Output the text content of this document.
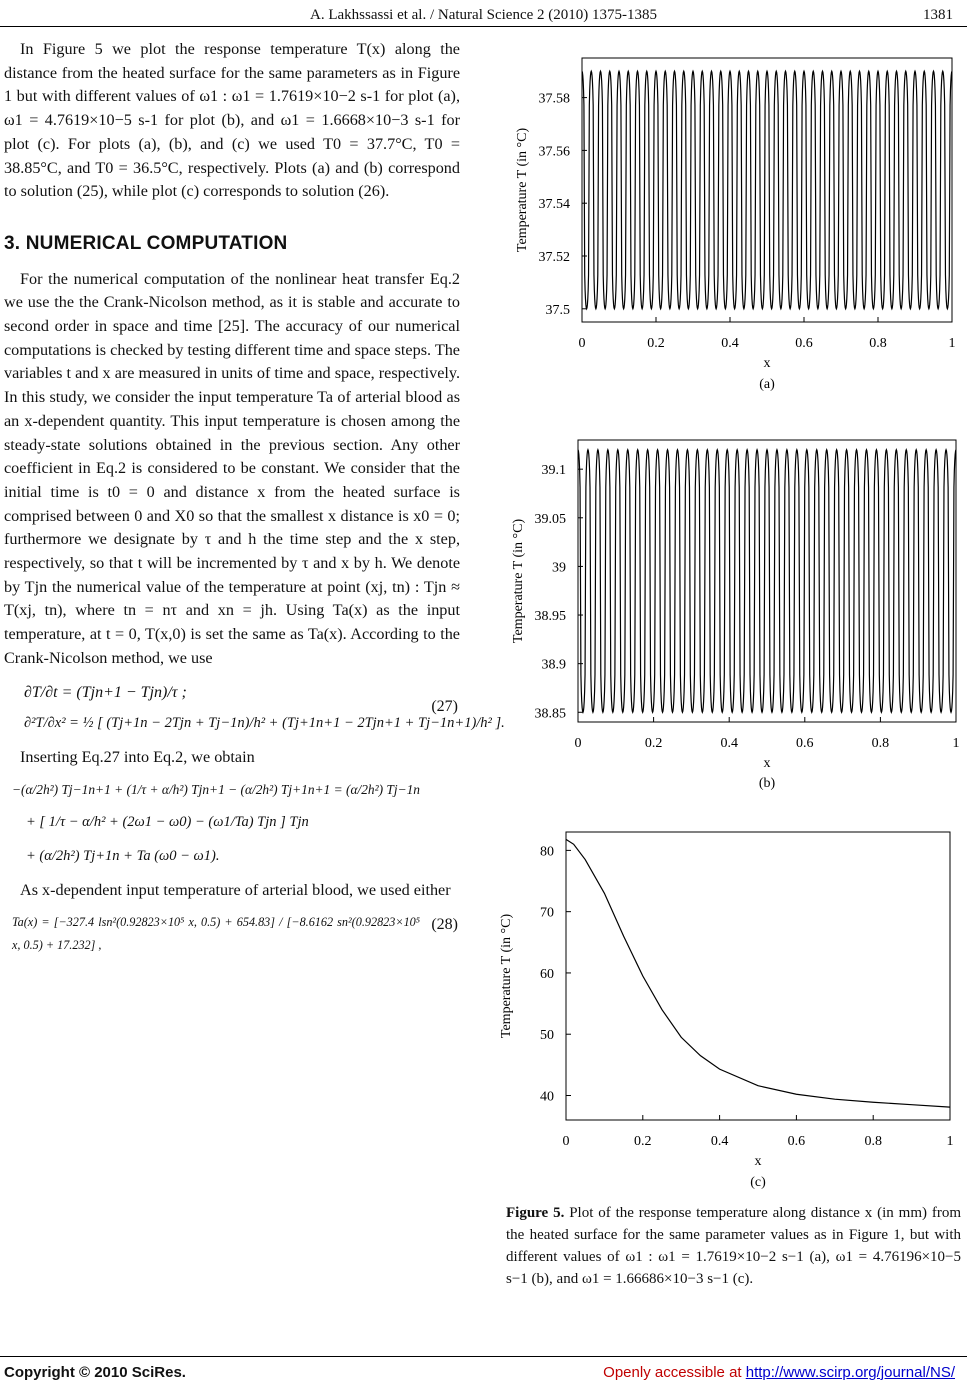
A. Lakhssassi et al. / Natural Science 2 (2010) 1375-1385	1381

In Figure 5 we plot the response temperature T(x) along the distance from the heated surface for the same parameters as in Figure 1 but with different values of ω1 : ω1 = 1.7619×10−2 s-1 for plot (a), ω1 = 4.7619×10−5 s-1 for plot (b), and ω1 = 1.6668×10−3 s-1 for plot (c). For plots (a), (b), and (c) we used T0 = 37.7°C, T0 = 38.85°C, and T0 = 36.5°C, respectively. Plots (a) and (b) correspond to solution (25), while plot (c) corresponds to solution (26).

3. NUMERICAL COMPUTATION

For the numerical computation of the nonlinear heat transfer Eq.2 we use the the Crank-Nicolson method, as it is stable and accurate to second order in space and time [25]. The accuracy of our numerical computations is checked by testing different time and space steps. The variables t and x are measured in units of time and space, respectively. In this study, we consider the input temperature Ta of arterial blood as an x-dependent quantity. This input temperature is chosen among the steady-state solutions obtained in the previous section. Any other coefficient in Eq.2 is considered to be constant. We consider that the initial time is t0 = 0 and distance x from the heated surface is comprised between 0 and X0 so that the smallest x distance is x0 = 0; furthermore we designate by τ and h the time step and the x step, respectively, so that t will be incremented by τ and x by h. We denote by Tjn the numerical value of the temperature at point (xj, tn) : Tjn ≈ T(xj, tn), where tn = nτ and xn = jh. Using Ta(x) as the input temperature, at t = 0, T(x,0) is set the same as Ta(x). According to the Crank-Nicolson method, we use

∂T/∂t = (Tjn+1 − Tjn)/τ ;
∂²T/∂x² = ½ [ (Tj+1n − 2Tjn + Tj−1n)/h² + (Tj+1n+1 − 2Tjn+1 + Tj−1n+1)/h² ].
(27)

Inserting Eq.27 into Eq.2, we obtain

−(α/2h²) Tj−1n+1 + (1/τ + α/h²) Tjn+1 − (α/2h²) Tj+1n+1 = (α/2h²) Tj−1n
+ [ 1/τ − α/h² + (2ω1 − ω0) − (ω1/Ta) Tjn ] Tjn
+ (α/2h²) Tj+1n + Ta (ω0 − ω1).

As x-dependent input temperature of arterial blood, we used either

Ta(x) = [−327.4 lsn²(0.92823×10⁵ x, 0.5) + 654.83] / [−8.6162 sn²(0.92823×10⁵ x, 0.5) + 17.232] ,
(28)
0	0.2	0.4	0.6	0.8	1
37.5
37.52
37.54
37.56
37.58
x
Temperature T (in °C)
(a)
0	0.2	0.4	0.6	0.8	1
38.85
38.9
38.95
39
39.05
39.1
x
Temperature T (in °C)
(b)
0	0.2	0.4	0.6	0.8	1
40
50
60
70
80
x
Temperature T (in °C)
(c)
Figure 5. Plot of the response temperature along distance x (in mm) from the heated surface for the same parameter values as in Figure 1, but with different values of ω1 : ω1 = 1.7619×10−2 s−1 (a), ω1 = 4.76196×10−5 s−1 (b), and ω1 = 1.66686×10−3 s−1 (c).
Copyright © 2010 SciRes.	Openly accessible at http://www.scirp.org/journal/NS/
